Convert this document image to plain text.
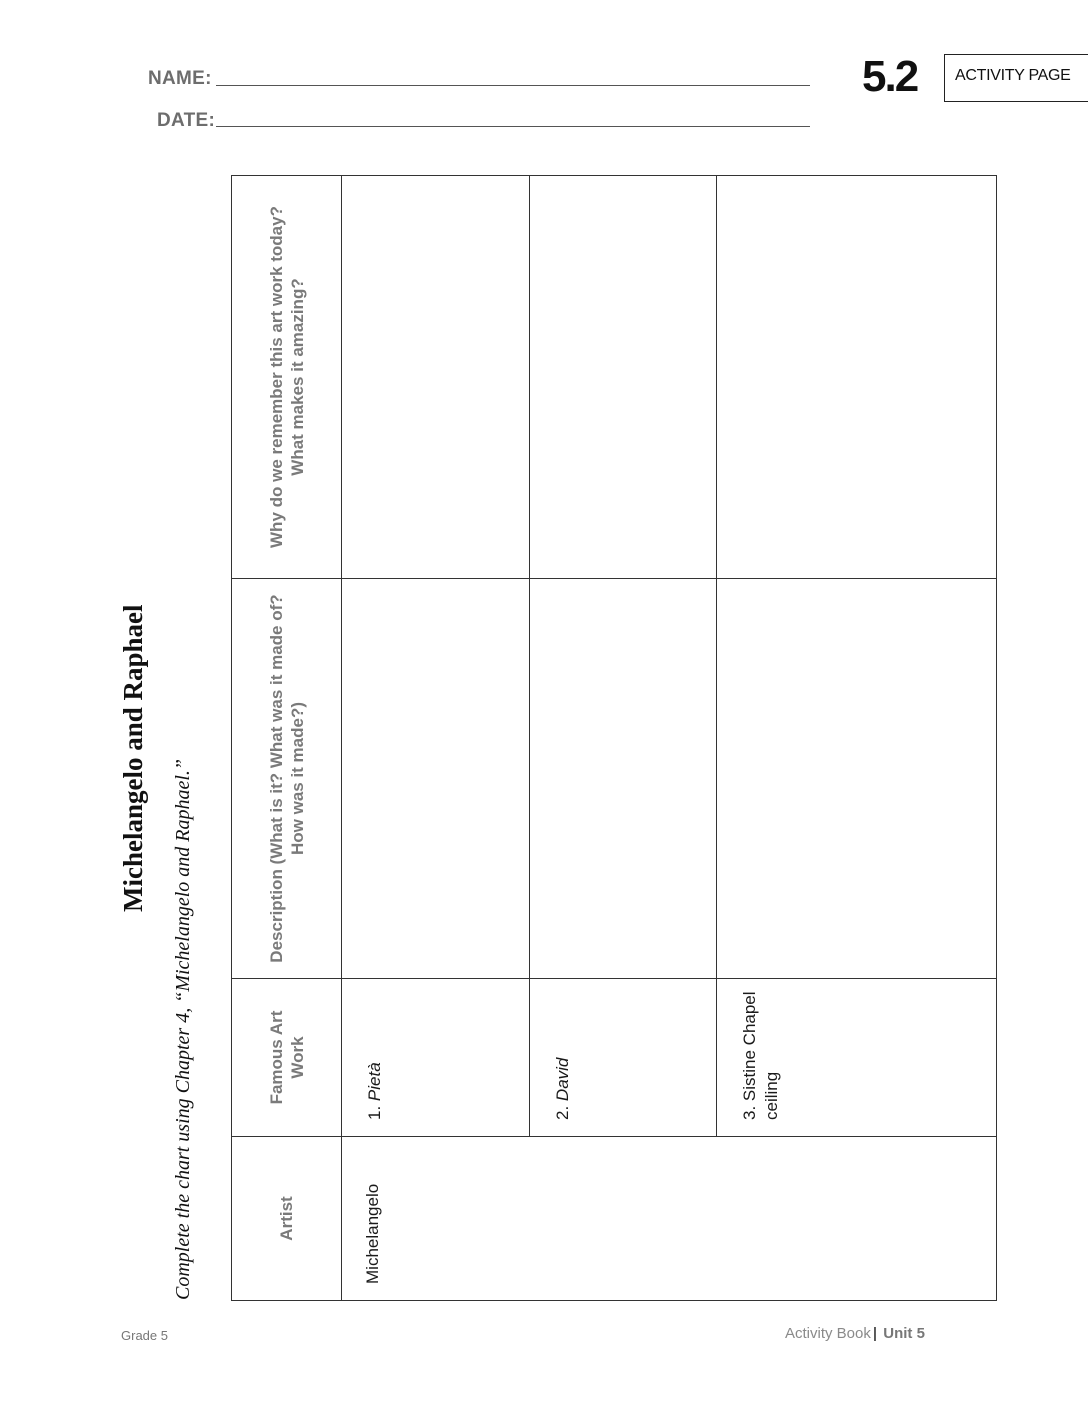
NAME:
DATE:
5.2	ACTIVITY PAGE
Michelangelo and Raphael
Complete the chart using Chapter 4, “Michelangelo and Raphael.”	Artist	Famous Art Work	Description (What is it? What was it made of? How was it made?)	Why do we remember this art work today? What makes it amazing?
Michelangelo	1. Pietà		
	2. David		
	3. Sistine Chapel ceiling		
Grade 5	Activity Book | Unit 5
